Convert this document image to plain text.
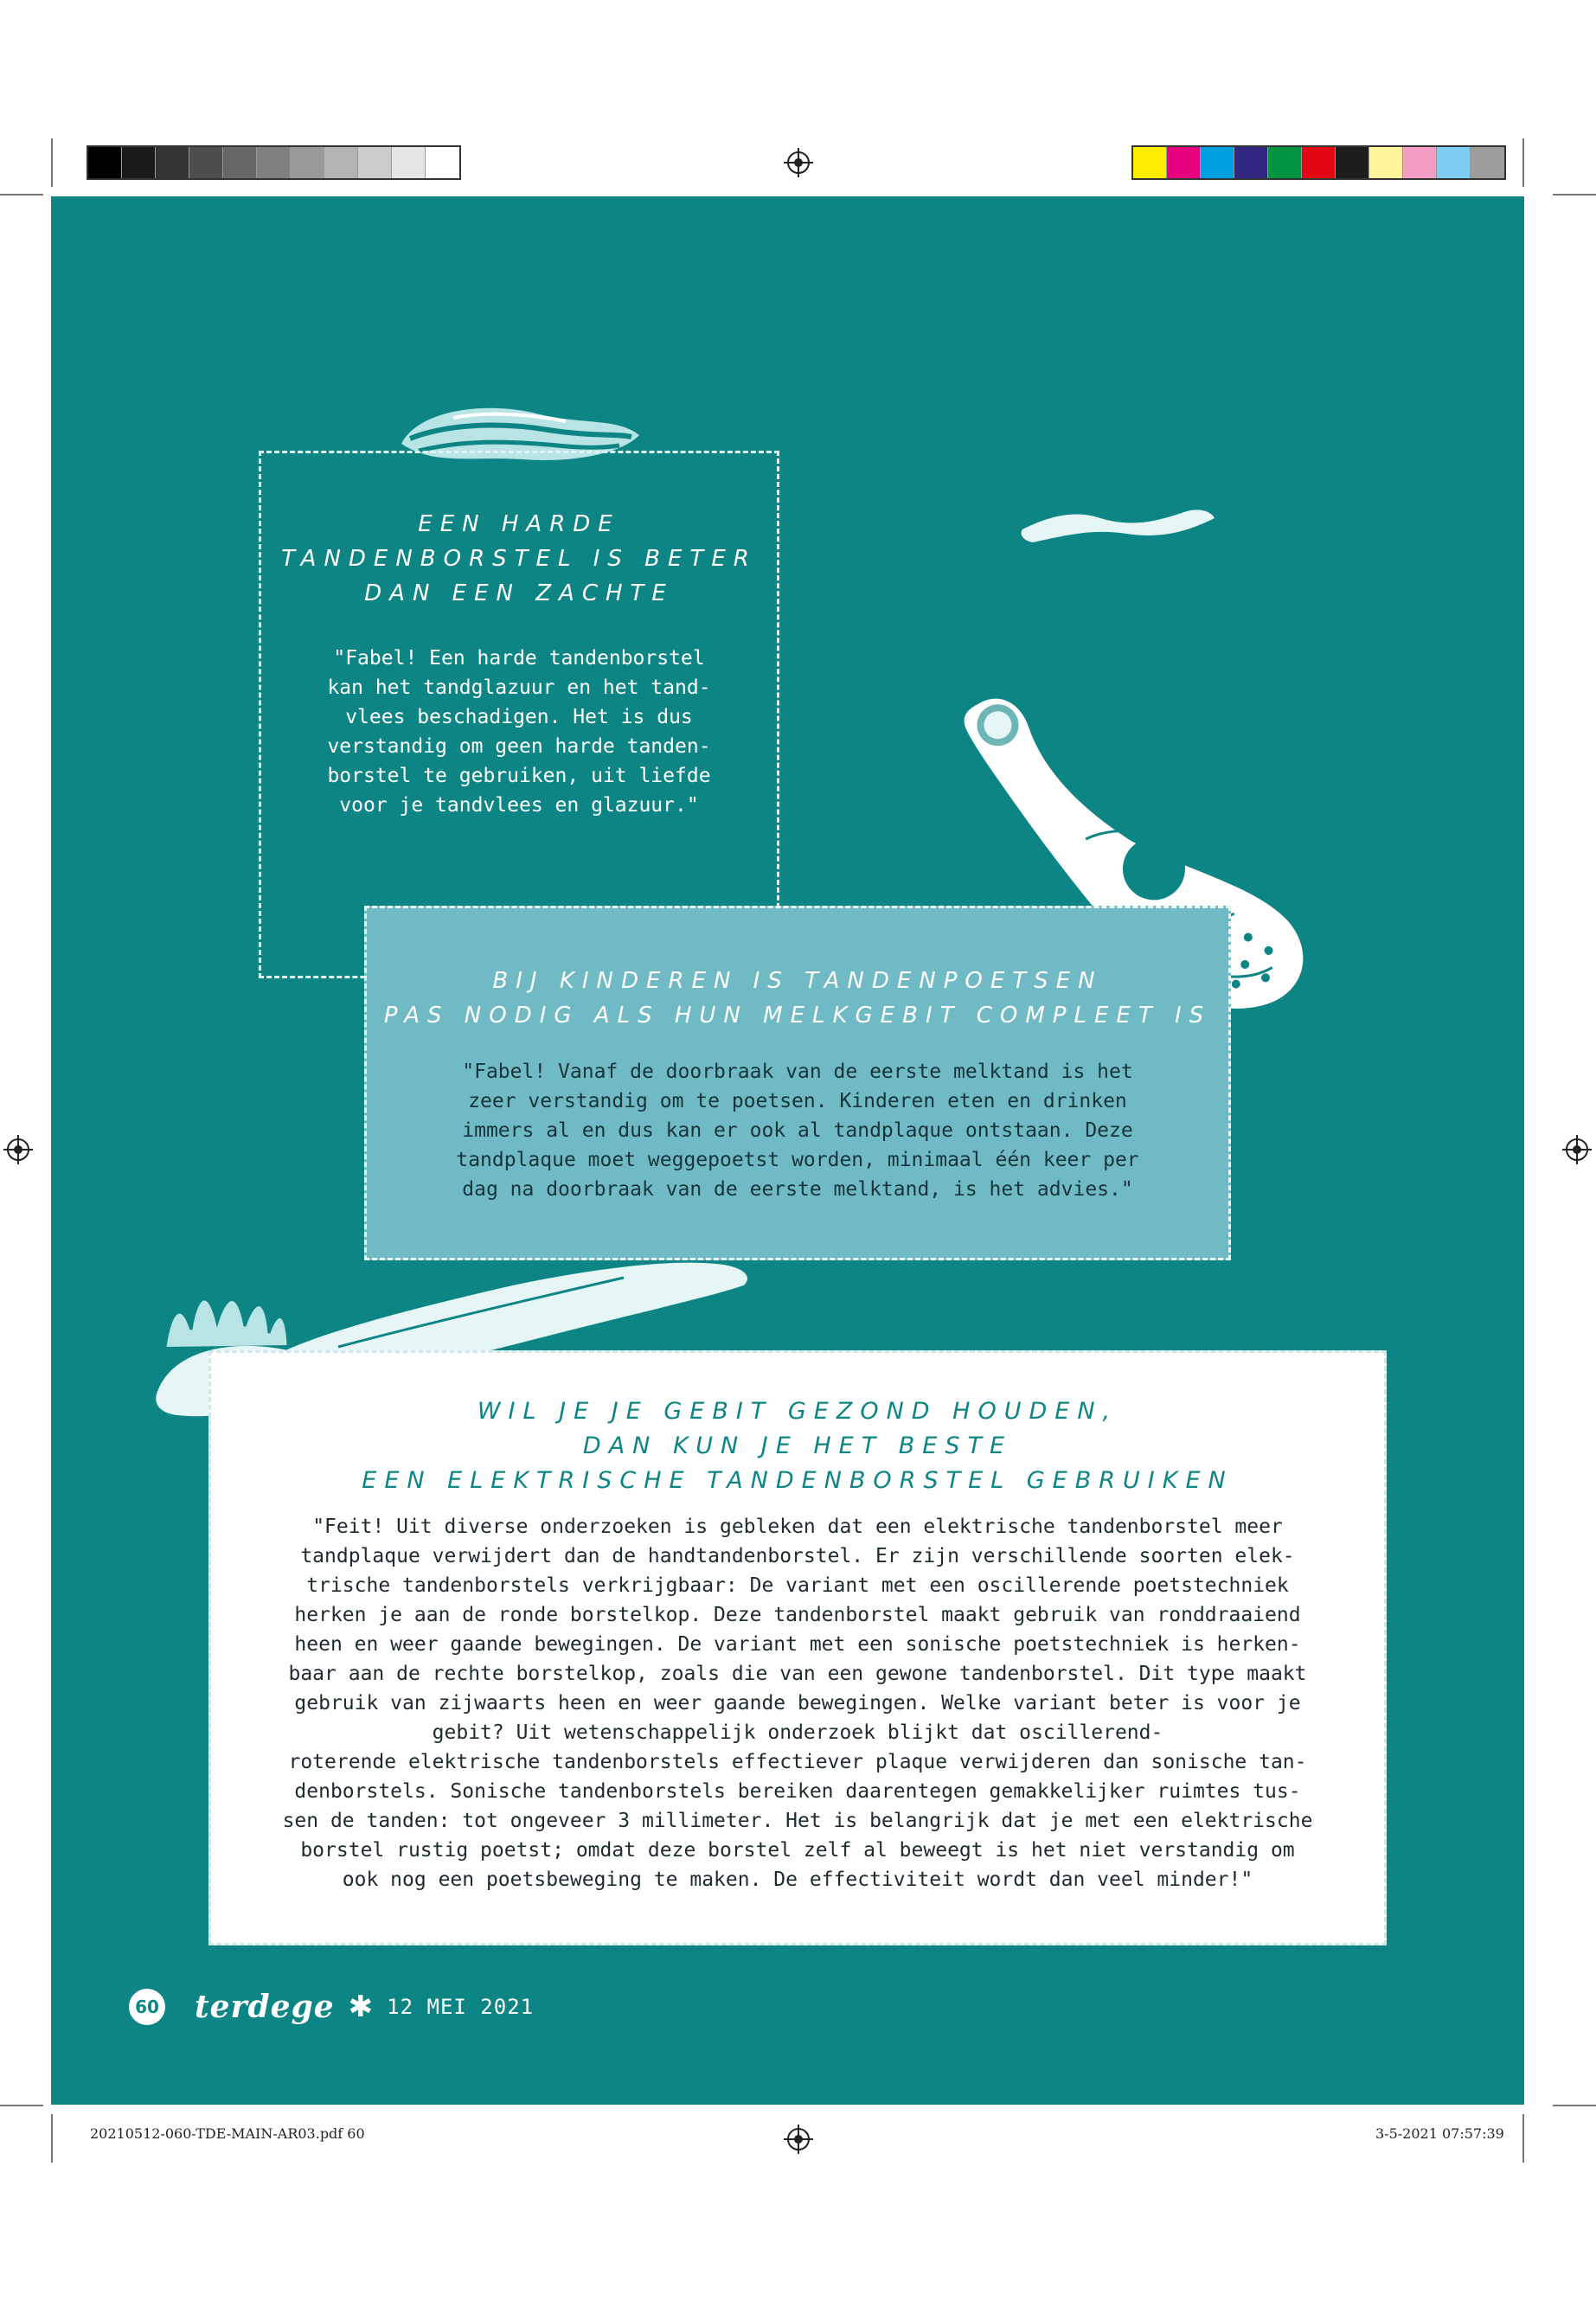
EEN HARDE
TANDENBORSTEL IS BETER
DAN EEN ZACHTE
"Fabel! Een harde tandenborstel
kan het tandglazuur en het tand-
vlees beschadigen. Het is dus
verstandig om geen harde tanden-
borstel te gebruiken, uit liefde
voor je tandvlees en glazuur."
BIJ KINDEREN IS TANDENPOETSEN
PAS NODIG ALS HUN MELKGEBIT COMPLEET IS
"Fabel! Vanaf de doorbraak van de eerste melktand is het
zeer verstandig om te poetsen. Kinderen eten en drinken
immers al en dus kan er ook al tandplaque ontstaan. Deze
tandplaque moet weggepoetst worden, minimaal één keer per
dag na doorbraak van de eerste melktand, is het advies."
WIL JE JE GEBIT GEZOND HOUDEN,
DAN KUN JE HET BESTE
EEN ELEKTRISCHE TANDENBORSTEL GEBRUIKEN
"Feit! Uit diverse onderzoeken is gebleken dat een elektrische tandenborstel meer
tandplaque verwijdert dan de handtandenborstel. Er zijn verschillende soorten elek-
trische tandenborstels verkrijgbaar: De variant met een oscillerende poetstechniek
herken je aan de ronde borstelkop. Deze tandenborstel maakt gebruik van ronddraaiend
heen en weer gaande bewegingen. De variant met een sonische poetstechniek is herken-
baar aan de rechte borstelkop, zoals die van een gewone tandenborstel. Dit type maakt
gebruik van zijwaarts heen en weer gaande bewegingen. Welke variant beter is voor je
gebit? Uit wetenschappelijk onderzoek blijkt dat oscillerend-
roterende elektrische tandenborstels effectiever plaque verwijderen dan sonische tan-
denborstels. Sonische tandenborstels bereiken daarentegen gemakkelijker ruimtes tus-
sen de tanden: tot ongeveer 3 millimeter. Het is belangrijk dat je met een elektrische
borstel rustig poetst; omdat deze borstel zelf al beweegt is het niet verstandig om
ook nog een poetsbeweging te maken. De effectiviteit wordt dan veel minder!"
60 terdege ✱ 12 MEI 2021
20210512-060-TDE-MAIN-AR03.pdf 60	3-5-2021 07:57:39
